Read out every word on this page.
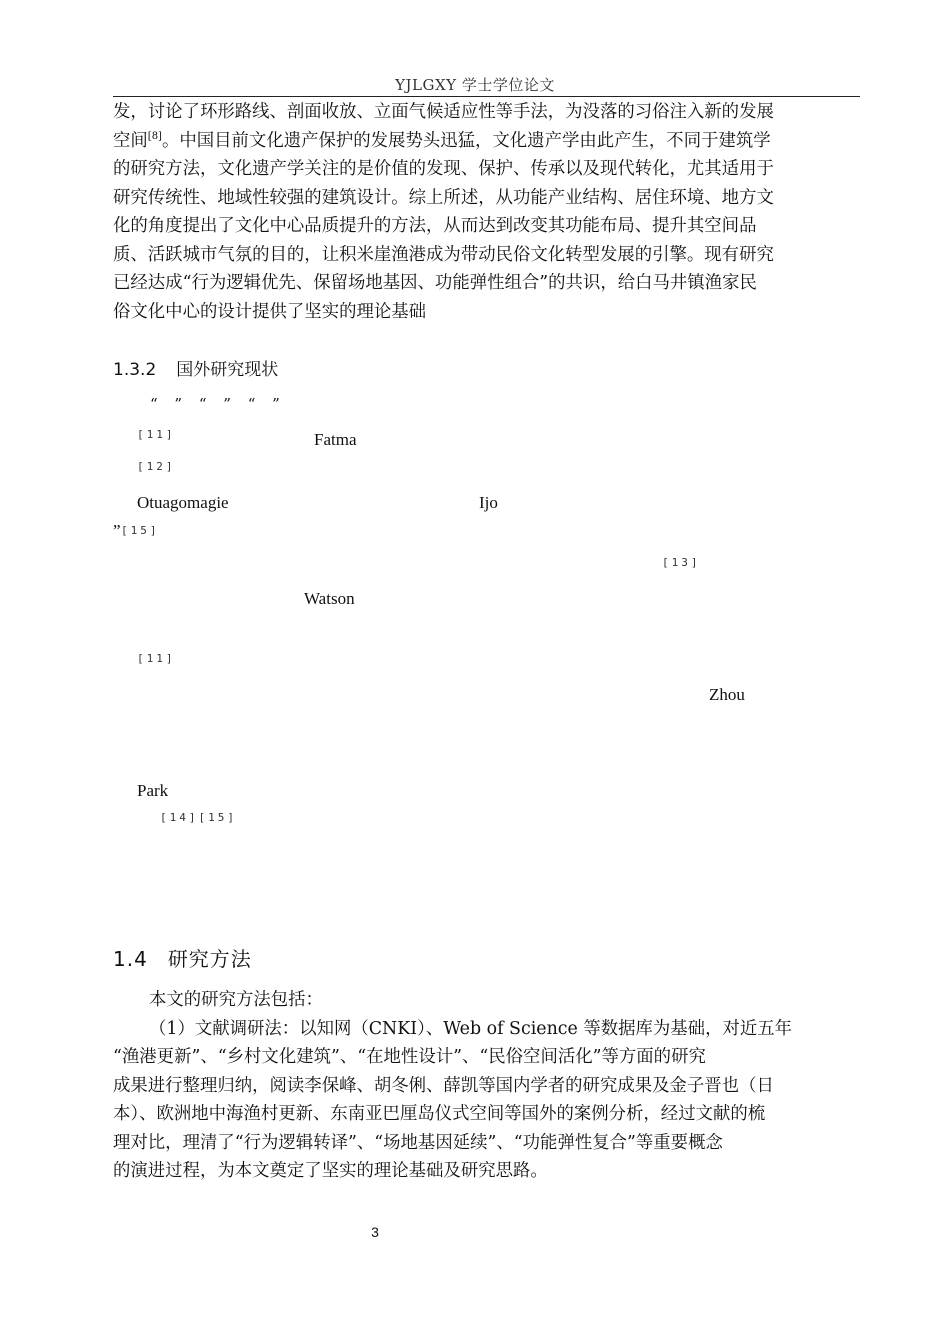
YJLGXY 学士学位论文
发，讨论了环形路线、剖面收放、立面气候适应性等手法，为没落的习俗注入新的发展
空间[8]。中国目前文化遗产保护的发展势头迅猛，文化遗产学由此产生，不同于建筑学
的研究方法，文化遗产学关注的是价值的发现、保护、传承以及现代转化，尤其适用于
研究传统性、地域性较强的建筑设计。综上所述，从功能产业结构、居住环境、地方文
化的角度提出了文化中心品质提升的方法，从而达到改变其功能布局、提升其空间品
质、活跃城市气氛的目的，让积米崖渔港成为带动民俗文化转型发展的引擎。现有研究
已经达成“行为逻辑优先、保留场地基因、功能弹性组合”的共识，给白马井镇渔家民
俗文化中心的设计提供了坚实的理论基础
1.3.2 国外研究现状
“ ” “ ” “ ”
[11]	Fatma
[12]
Otuagomagie	Ijo
” [15]
[13]
Watson
[11]
Zhou
Park
[14][15]
1.4 研究方法
本文的研究方法包括：
（1）文献调研法：以知网（CNKI）、Web of Science 等数据库为基础，对近五年
“渔港更新”、“乡村文化建筑”、“在地性设计”、“民俗空间活化”等方面的研究
成果进行整理归纳，阅读李保峰、胡冬俐、薛凯等国内学者的研究成果及金子晋也（日
本）、欧洲地中海渔村更新、东南亚巴厘岛仪式空间等国外的案例分析，经过文献的梳
理对比，理清了“行为逻辑转译”、“场地基因延续”、“功能弹性复合”等重要概念
的演进过程，为本文奠定了坚实的理论基础及研究思路。
3
